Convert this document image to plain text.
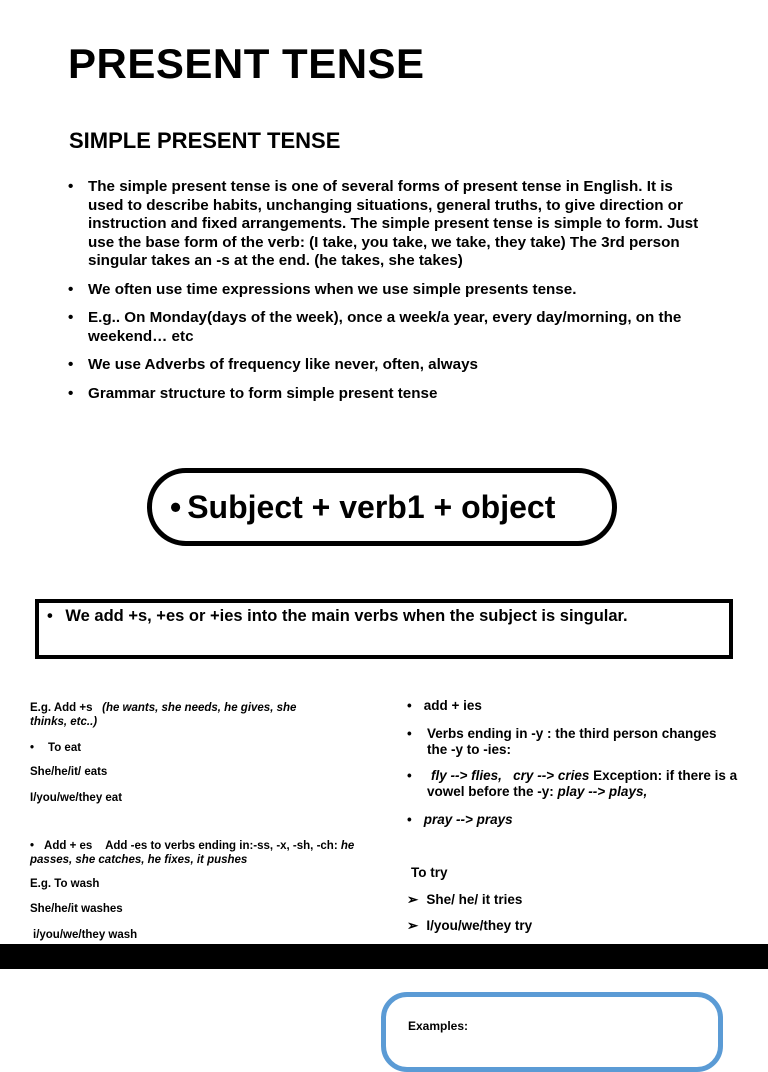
PRESENT TENSE
SIMPLE PRESENT TENSE
• The simple present tense is one of several forms of present tense in English. It is used to describe habits, unchanging situations, general truths, to give direction or instruction and fixed arrangements. The simple present tense is simple to form. Just use the base form of the verb: (I take, you take, we take, they take) The 3rd person singular takes an -s at the end. (he takes, she takes)
• We often use time expressions when we use simple presents tense.
• E.g.. On Monday(days of the week), once a week/a year, every day/morning, on the weekend… etc
• We use Adverbs of frequency like never, often, always
• Grammar structure to form simple present tense
• Subject + verb1 + object
• We add +s, +es or +ies into the main verbs when the subject is singular.
E.g. Add +s (he wants, she needs, he gives, she thinks, etc..)
• To eat
She/he/it/ eats
I/you/we/they eat
• Add + es Add -es to verbs ending in:-ss, -x, -sh, -ch: he passes, she catches, he fixes, it pushes
E.g. To wash
She/he/it washes
i/you/we/they wash
• add + ies
•	Verbs ending in -y : the third person changes the -y to -ies:
•	fly --> flies, cry --> cries Exception: if there is a vowel before the -y: play --> plays,
• pray --> prays
To try
➢ She/ he/ it tries
➢ I/you/we/they try
Examples:
